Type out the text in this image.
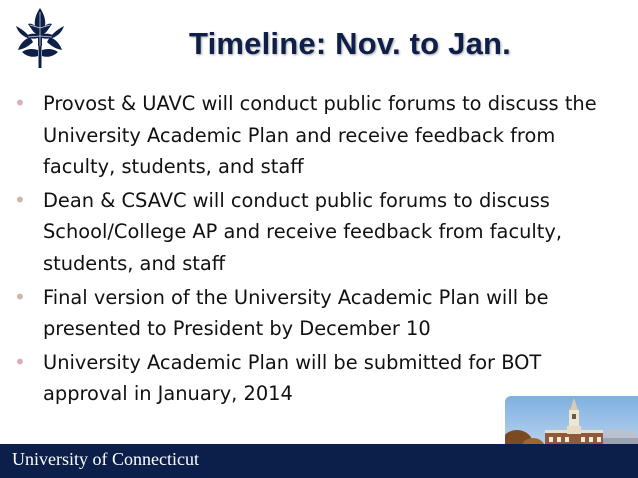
Timeline: Nov. to Jan.
• Provost & UAVC will conduct public forums to discuss the University Academic Plan and receive feedback from faculty, students, and staff
• Dean & CSAVC will conduct public forums to discuss School/College AP and receive feedback from faculty, students, and staff
• Final version of the University Academic Plan will be presented to President by December 10
• University Academic Plan will be submitted for BOT approval in January, 2014
University of Connecticut
